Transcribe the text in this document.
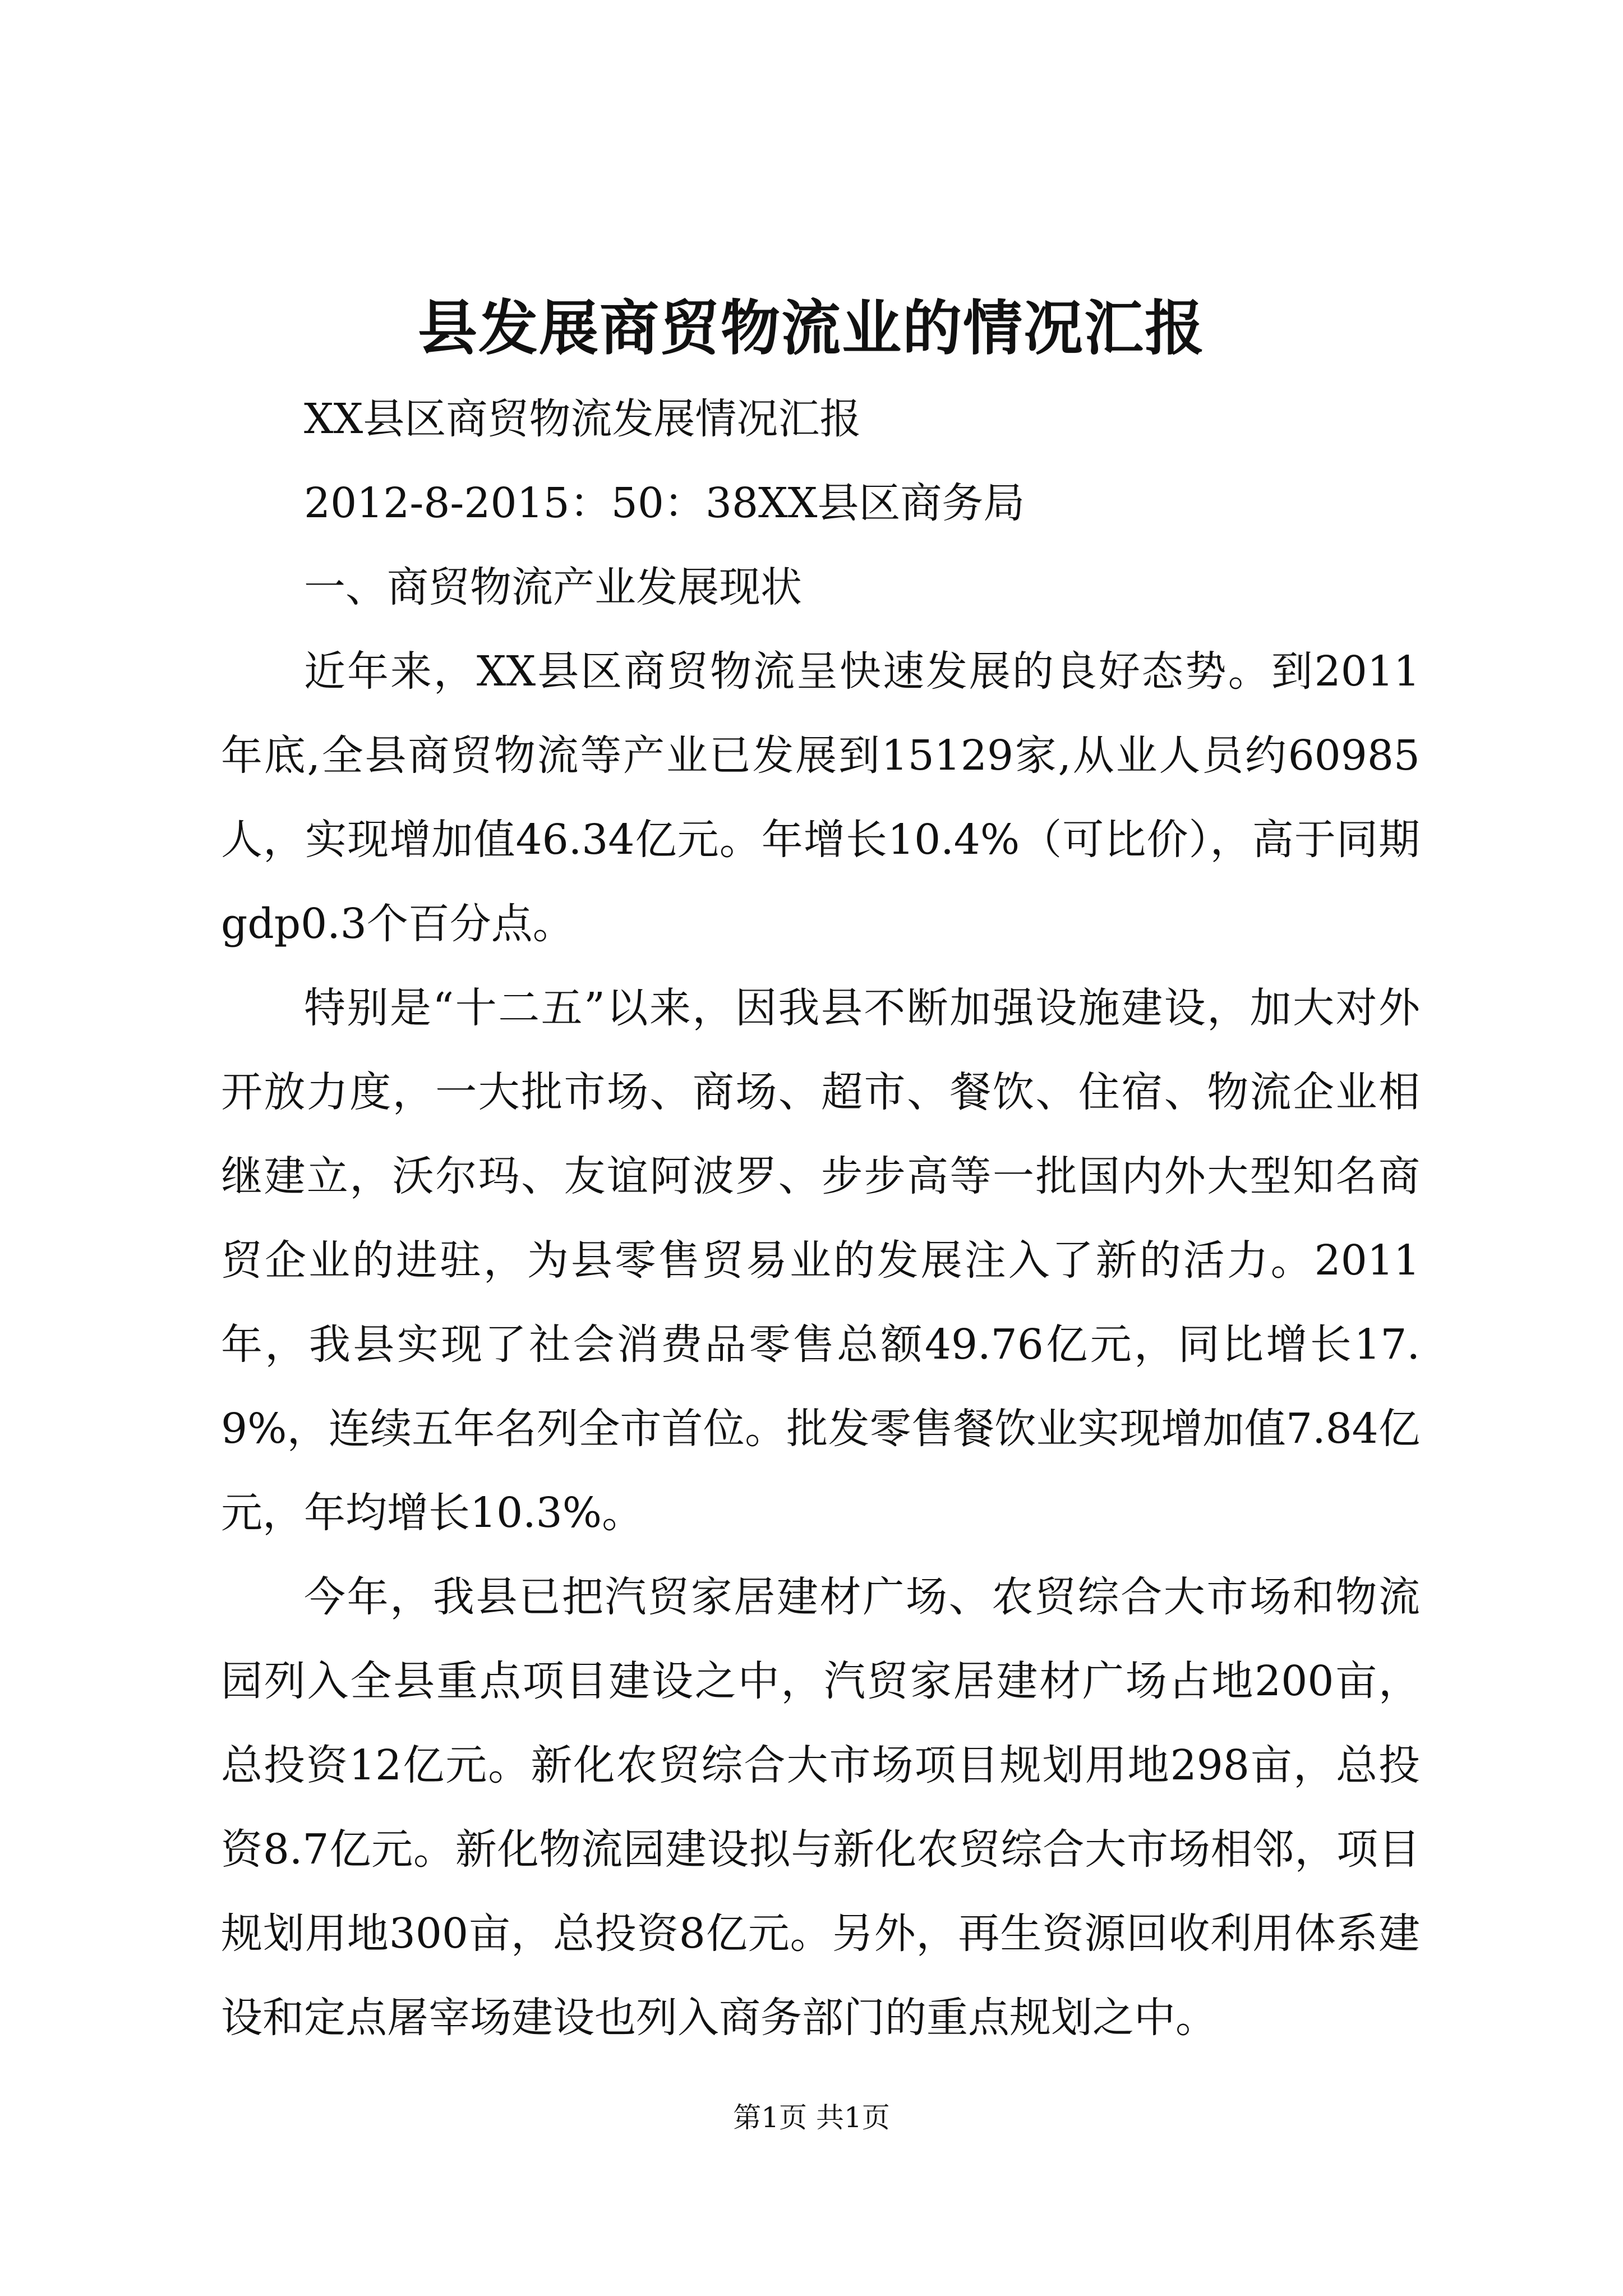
县发展商贸物流业的情况汇报

XX县区商贸物流发展情况汇报

2012-8-2015：50：38XX县区商务局

一、商贸物流产业发展现状

近年来，XX县区商贸物流呈快速发展的良好态势。到2011年底,全县商贸物流等产业已发展到15129家,从业人员约60985人，实现增加值46.34亿元。年增长10.4%（可比价），高于同期gdp0.3个百分点。

特别是“十二五”以来，因我县不断加强设施建设，加大对外开放力度，一大批市场、商场、超市、餐饮、住宿、物流企业相继建立，沃尔玛、友谊阿波罗、步步高等一批国内外大型知名商贸企业的进驻，为县零售贸易业的发展注入了新的活力。2011年，我县实现了社会消费品零售总额49.76亿元，同比增长17.9%，连续五年名列全市首位。批发零售餐饮业实现增加值7.84亿元，年均增长10.3%。

今年，我县已把汽贸家居建材广场、农贸综合大市场和物流园列入全县重点项目建设之中，汽贸家居建材广场占地200亩，总投资12亿元。新化农贸综合大市场项目规划用地298亩，总投资8.7亿元。新化物流园建设拟与新化农贸综合大市场相邻，项目规划用地300亩，总投资8亿元。另外，再生资源回收利用体系建设和定点屠宰场建设也列入商务部门的重点规划之中。

第1页 共1页
